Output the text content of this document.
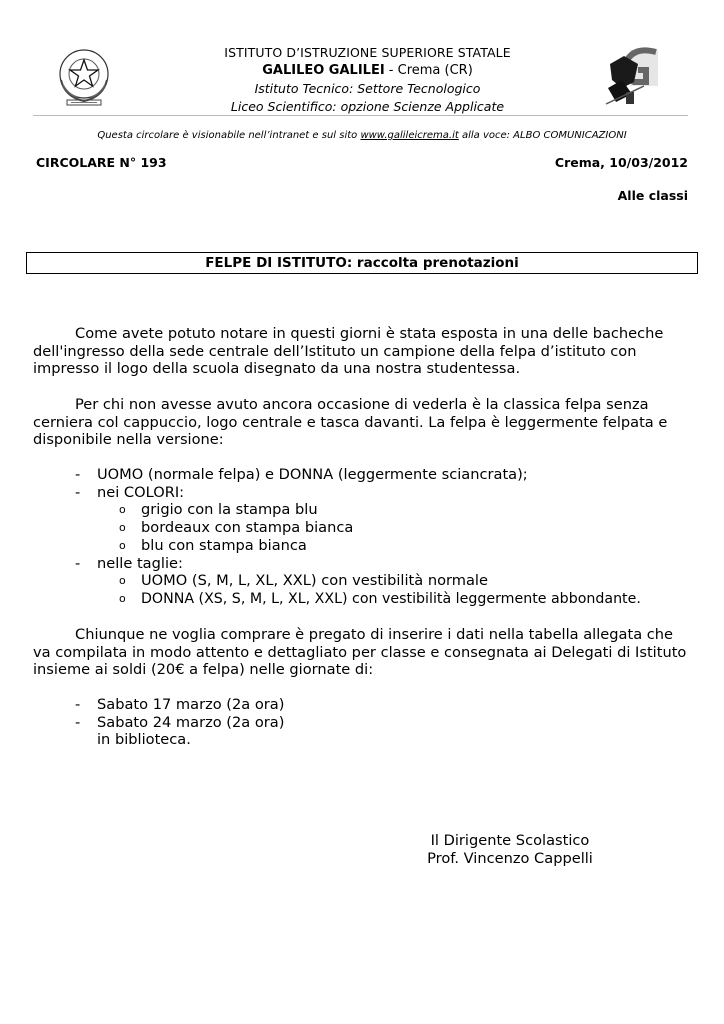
ISTITUTO D’ISTRUZIONE SUPERIORE STATALE
GALILEO GALILEI - Crema (CR)
Istituto Tecnico: Settore Tecnologico
Liceo Scientifico: opzione Scienze Applicate
Questa circolare è visionabile nell’intranet e sul sito www.galileicrema.it alla voce: ALBO COMUNICAZIONI
CIRCOLARE N° 193	Crema, 10/03/2012
Alle classi
FELPE DI ISTITUTO: raccolta prenotazioni
Come avete potuto notare in questi giorni è stata esposta in una delle bacheche dell'ingresso della sede centrale dell’Istituto un campione della felpa d’istituto con impresso il logo della scuola disegnato da una nostra studentessa.
Per chi non avesse avuto ancora occasione di vederla è la classica felpa senza cerniera col cappuccio, logo centrale e tasca davanti. La felpa è leggermente felpata e disponibile nella versione:
- UOMO (normale felpa) e DONNA (leggermente sciancrata);
- nei COLORI:
o grigio con la stampa blu
o bordeaux con stampa bianca
o blu con stampa bianca
- nelle taglie:
o UOMO (S, M, L, XL, XXL) con vestibilità normale
o DONNA (XS, S, M, L, XL, XXL) con vestibilità leggermente abbondante.
Chiunque ne voglia comprare è pregato di inserire i dati nella tabella allegata che va compilata in modo attento e dettagliato per classe e consegnata ai Delegati di Istituto insieme ai soldi (20€ a felpa) nelle giornate di:
- Sabato 17 marzo (2a ora)
- Sabato 24 marzo (2a ora)
in biblioteca.
Il Dirigente Scolastico
Prof. Vincenzo Cappelli
